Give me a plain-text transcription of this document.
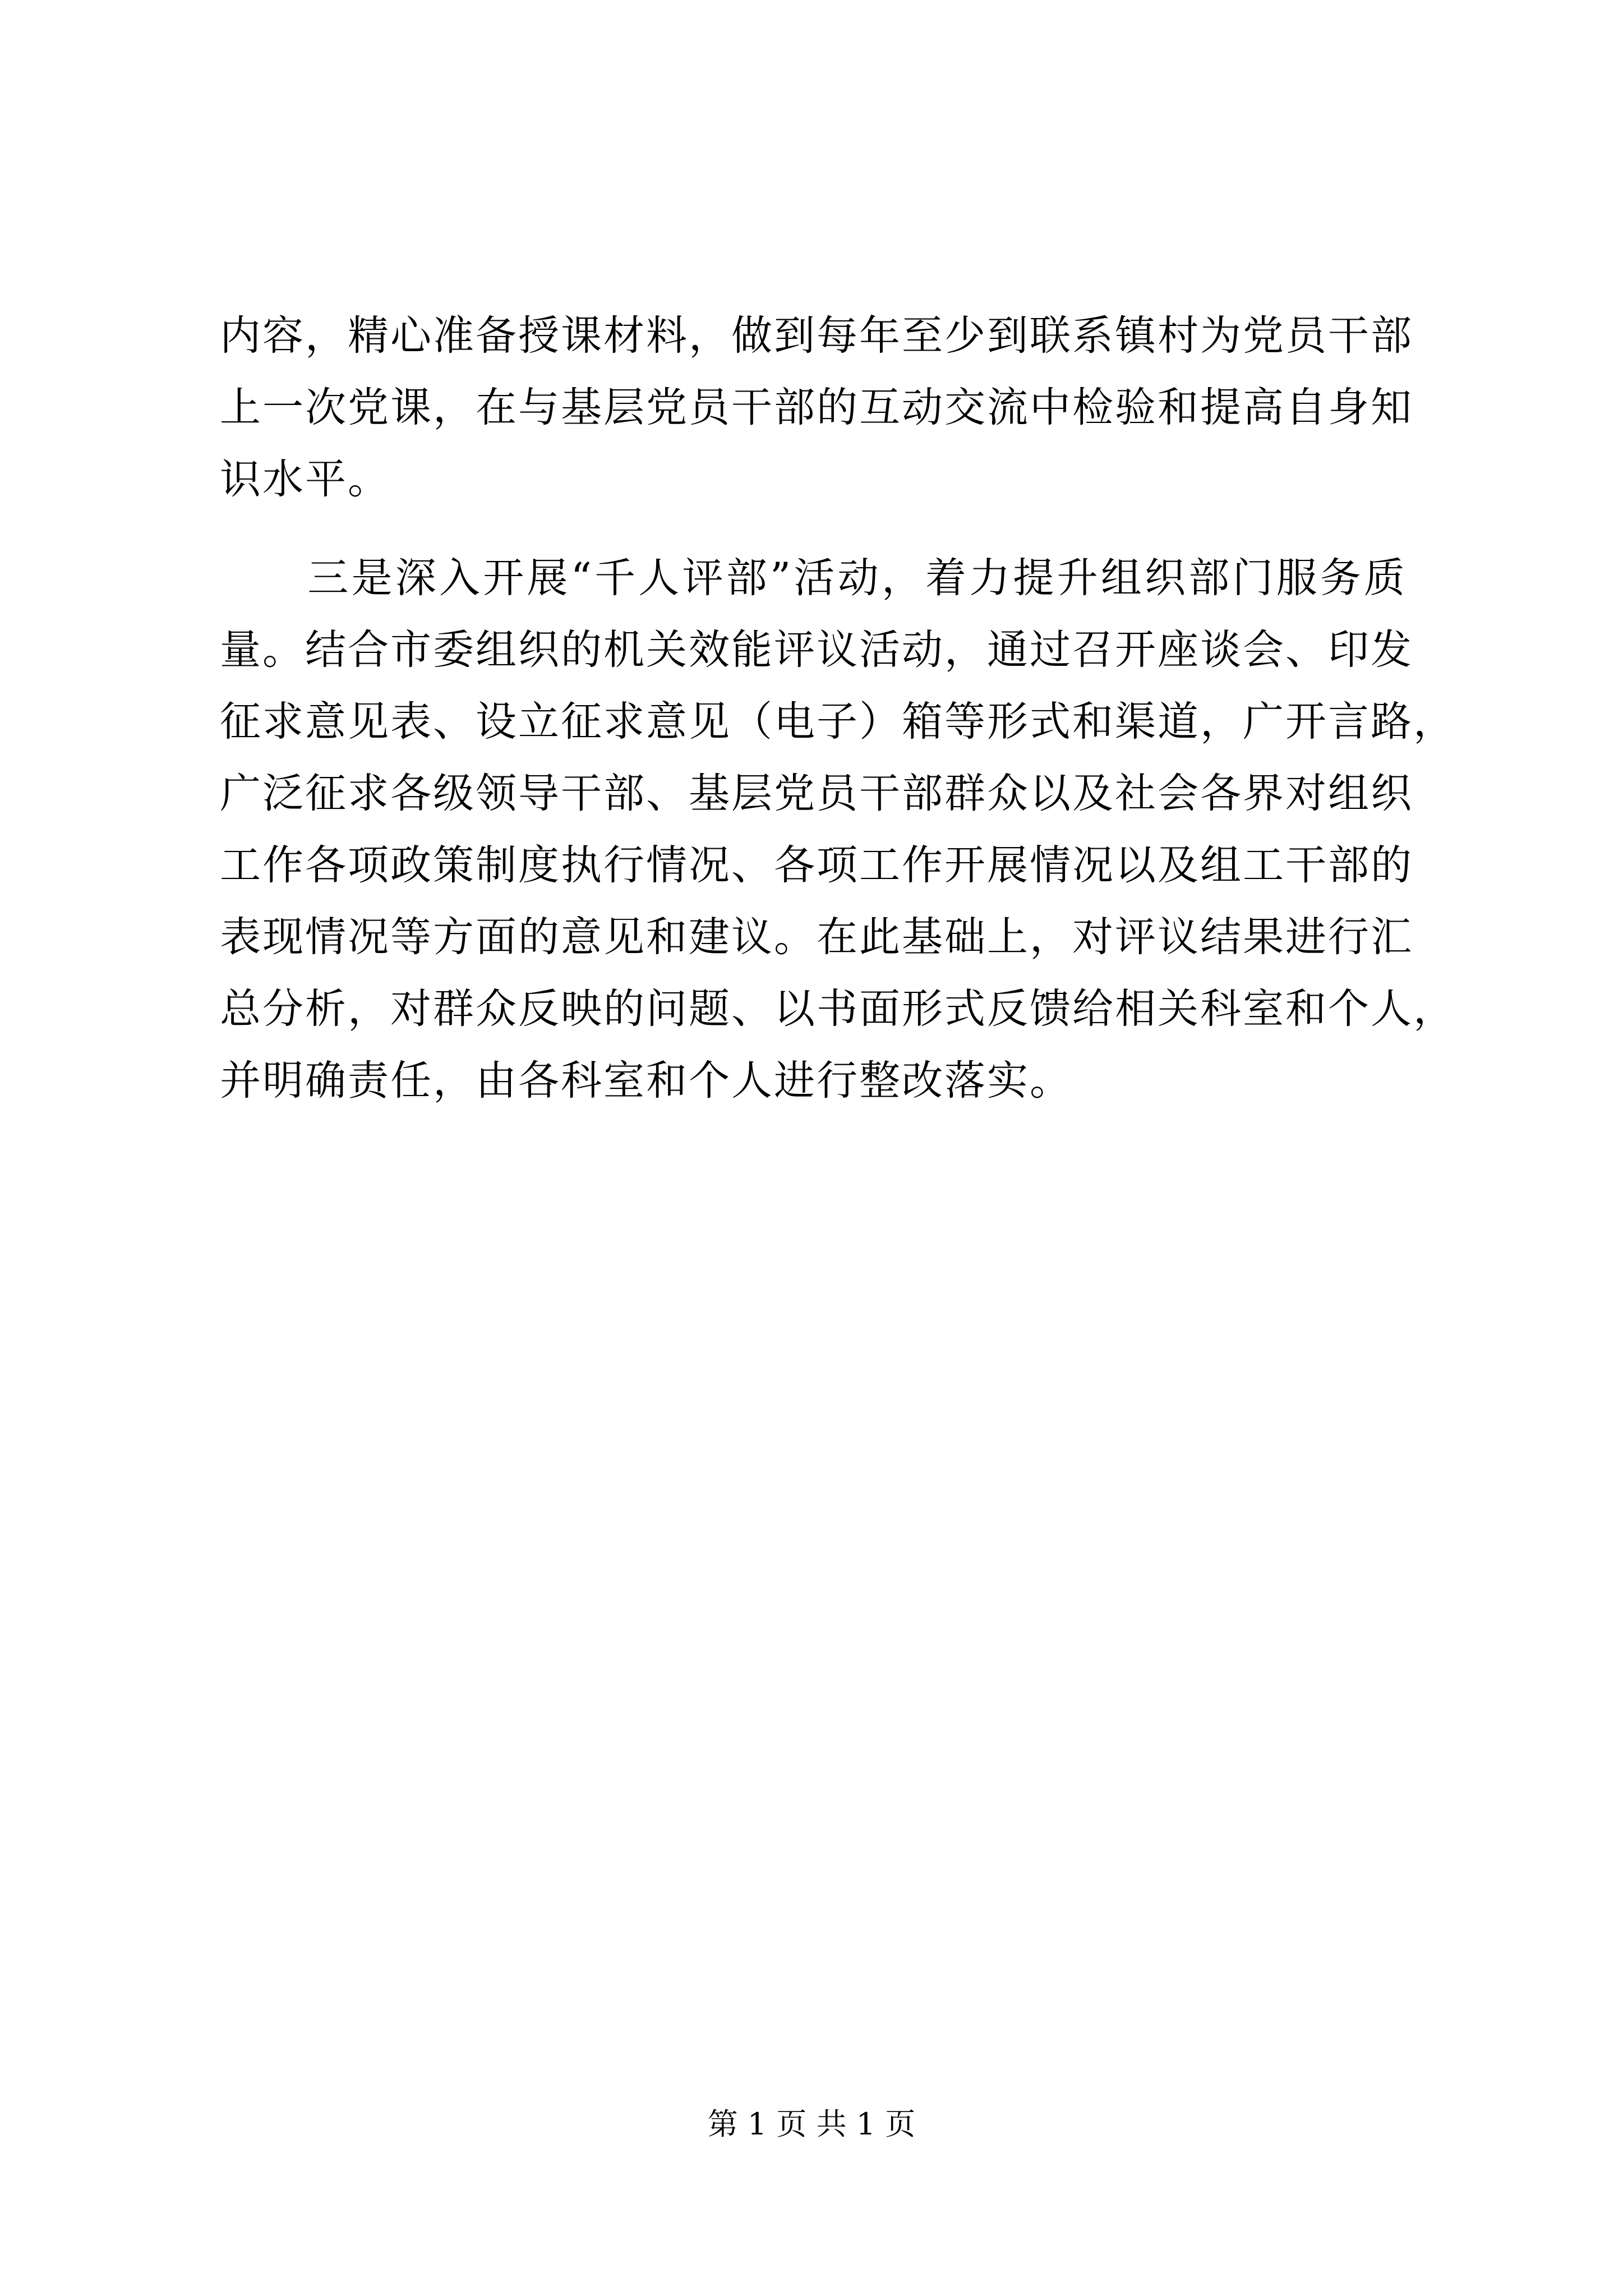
内容，精心准备授课材料，做到每年至少到联系镇村为党员干部
上一次党课，在与基层党员干部的互动交流中检验和提高自身知
识水平。
　　三是深入开展“千人评部”活动，着力提升组织部门服务质
量。结合市委组织的机关效能评议活动，通过召开座谈会、印发
征求意见表、设立征求意见（电子）箱等形式和渠道，广开言路，
广泛征求各级领导干部、基层党员干部群众以及社会各界对组织
工作各项政策制度执行情况、各项工作开展情况以及组工干部的
表现情况等方面的意见和建议。在此基础上，对评议结果进行汇
总分析，对群众反映的问题、以书面形式反馈给相关科室和个人，
并明确责任，由各科室和个人进行整改落实。
第 1 页 共 1 页
